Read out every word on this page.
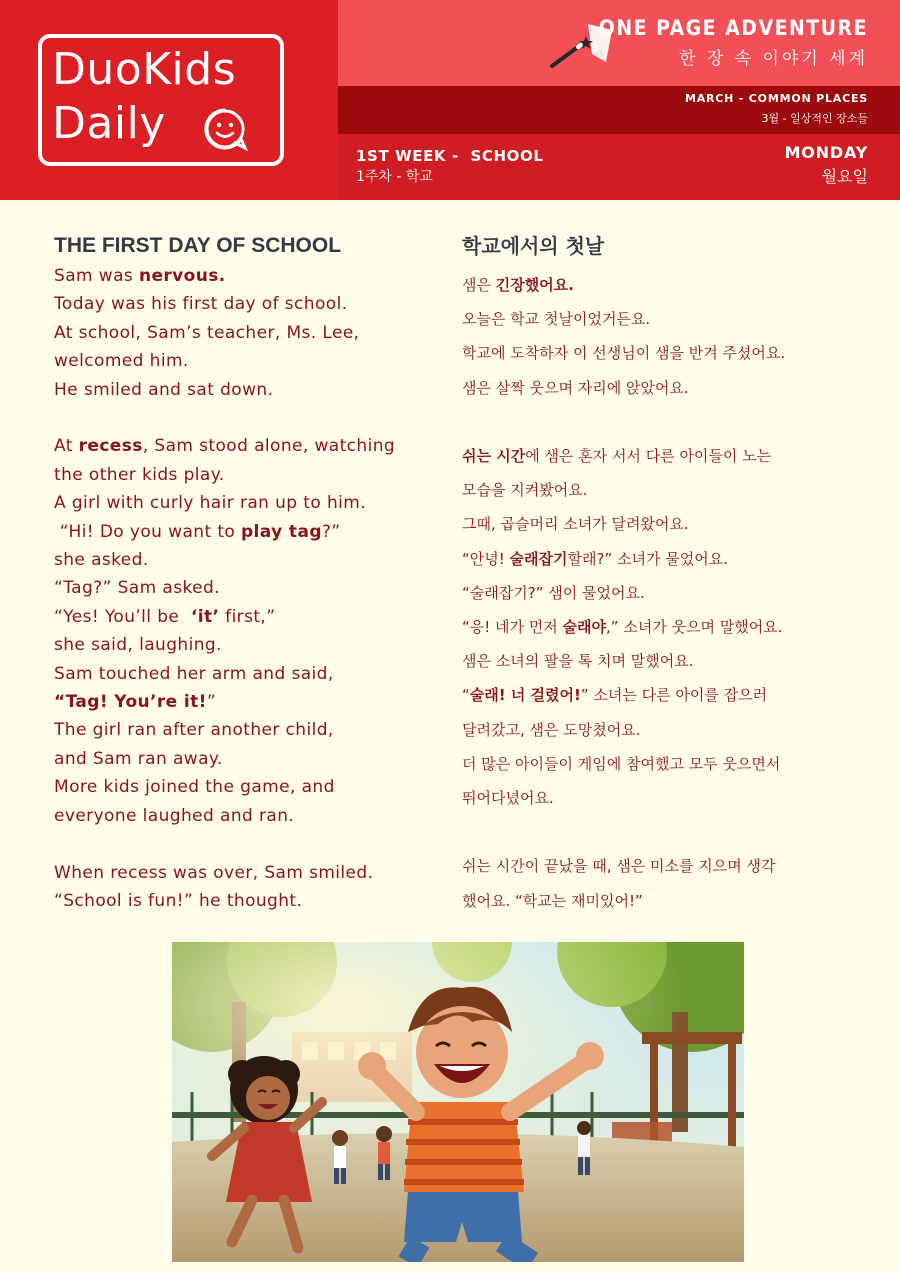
DuoKids
Daily
ONE PAGE ADVENTURE
한 장 속 이야기 세계
MARCH - COMMON PLACES
3월 - 일상적인 장소들
1ST WEEK -  SCHOOL
1주차 - 학교
MONDAY
월요일
THE FIRST DAY OF SCHOOL
Sam was nervous.
Today was his first day of school.
At school, Sam’s teacher, Ms. Lee,
welcomed him.
He smiled and sat down.
At recess, Sam stood alone, watching
the other kids play.
A girl with curly hair ran up to him.
“Hi! Do you want to play tag?”
she asked.
“Tag?” Sam asked.
“Yes! You’ll be  ‘it’ first,”
she said, laughing.
Sam touched her arm and said,
“Tag! You’re it!”
The girl ran after another child,
and Sam ran away.
More kids joined the game, and
everyone laughed and ran.
When recess was over, Sam smiled.
“School is fun!” he thought.
학교에서의 첫날
샘은 긴장했어요.
오늘은 학교 첫날이었거든요.
학교에 도착하자 이 선생님이 샘을 반겨 주셨어요.
샘은 살짝 웃으며 자리에 앉았어요.
쉬는 시간에 샘은 혼자 서서 다른 아이들이 노는
모습을 지켜봤어요.
그때, 곱슬머리 소녀가 달려왔어요.
“안녕! 술래잡기할래?” 소녀가 물었어요.
“술래잡기?” 샘이 물었어요.
“응! 네가 먼저 술래야,” 소녀가 웃으며 말했어요.
샘은 소녀의 팔을 톡 치며 말했어요.
“술래! 너 걸렸어!” 소녀는 다른 아이를 잡으러
달려갔고, 샘은 도망쳤어요.
더 많은 아이들이 게임에 참여했고 모두 웃으면서
뛰어다녔어요.
쉬는 시간이 끝났을 때, 샘은 미소를 지으며 생각
했어요. “학교는 재미있어!”
